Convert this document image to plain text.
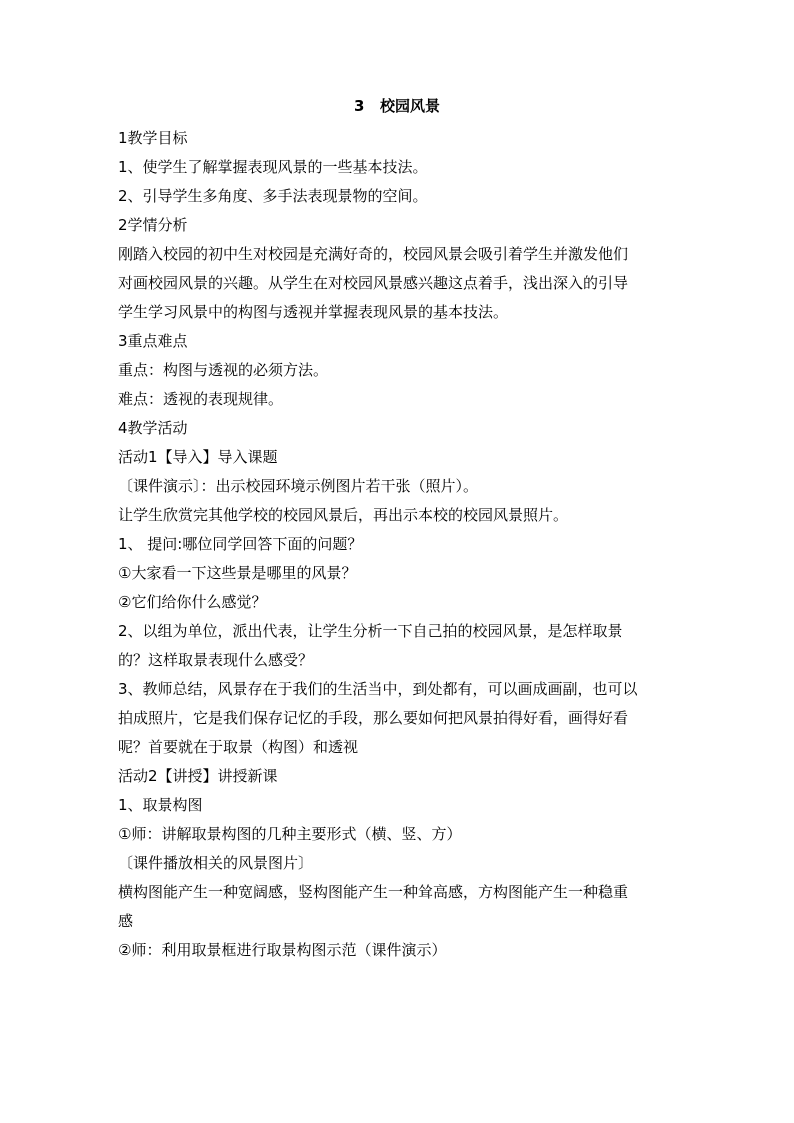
3   校园风景
1教学目标
1、使学生了解掌握表现风景的一些基本技法。
2、引导学生多角度、多手法表现景物的空间。
2学情分析
刚踏入校园的初中生对校园是充满好奇的，校园风景会吸引着学生并激发他们
对画校园风景的兴趣。从学生在对校园风景感兴趣这点着手，浅出深入的引导
学生学习风景中的构图与透视并掌握表现风景的基本技法。
3重点难点
重点：构图与透视的必须方法。
难点：透视的表现规律。
4教学活动
活动1【导入】导入课题
〔课件演示〕：出示校园环境示例图片若干张（照片）。
让学生欣赏完其他学校的校园风景后，再出示本校的校园风景照片。
1、 提问:哪位同学回答下面的问题？
①大家看一下这些景是哪里的风景？
②它们给你什么感觉？
2、以组为单位，派出代表，让学生分析一下自己拍的校园风景，是怎样取景
的？这样取景表现什么感受？
3、教师总结，风景存在于我们的生活当中，到处都有，可以画成画副，也可以
拍成照片，它是我们保存记忆的手段，那么要如何把风景拍得好看，画得好看
呢？首要就在于取景（构图）和透视
活动2【讲授】讲授新课
1、取景构图
①师：讲解取景构图的几种主要形式（横、竖、方）
〔课件播放相关的风景图片〕
横构图能产生一种宽阔感，竖构图能产生一种耸高感，方构图能产生一种稳重
感
②师：利用取景框进行取景构图示范（课件演示）
